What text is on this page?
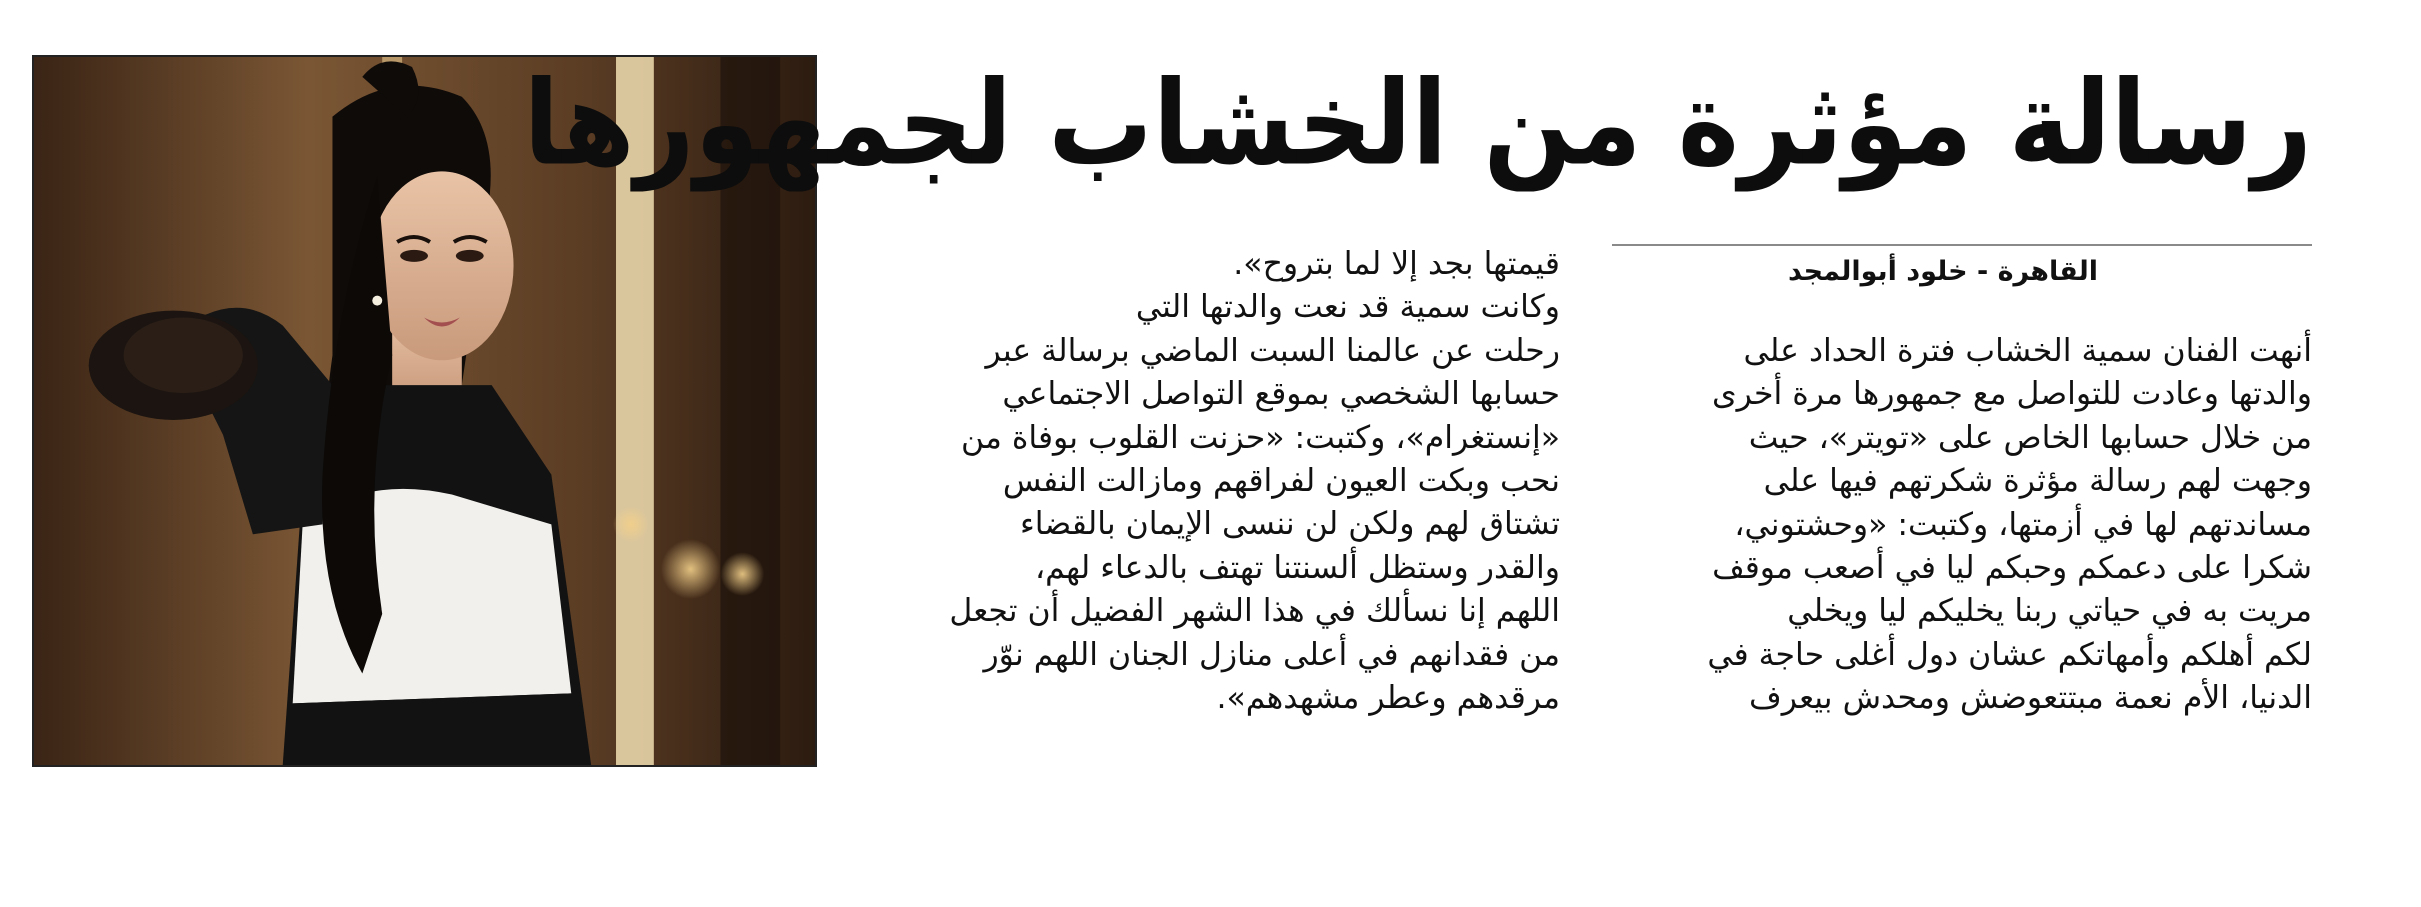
رسالة مؤثرة من الخشاب لجمهورها
القاهرة - خلود أبوالمجد

أنهت الفنان سمية الخشاب فترة الحداد على

والدتها وعادت للتواصل مع جمهورها مرة أخرى

من خلال حسابها الخاص على «تويتر»، حيث

وجهت لهم رسالة مؤثرة شكرتهم فيها على

مساندتهم لها في أزمتها، وكتبت: «وحشتوني،

شكرا على دعمكم وحبكم ليا في أصعب موقف

مريت به في حياتي ربنا يخليكم ليا ويخلي

لكم أهلكم وأمهاتكم عشان دول أغلى حاجة في

الدنيا، الأم نعمة مبتتعوضش ومحدش بيعرف

قيمتها بجد إلا لما بتروح».

وكانت سمية قد نعت والدتها التي

رحلت عن عالمنا السبت الماضي برسالة عبر

حسابها الشخصي بموقع التواصل الاجتماعي

«إنستغرام»، وكتبت: «حزنت القلوب بوفاة من

نحب وبكت العيون لفراقهم ومازالت النفس

تشتاق لهم ولكن لن ننسى الإيمان بالقضاء

والقدر وستظل ألسنتنا تهتف بالدعاء لهم،

اللهم إنا نسألك في هذا الشهر الفضيل أن تجعل

من فقدانهم في أعلى منازل الجنان اللهم نوّر

مرقدهم وعطر مشهدهم».
